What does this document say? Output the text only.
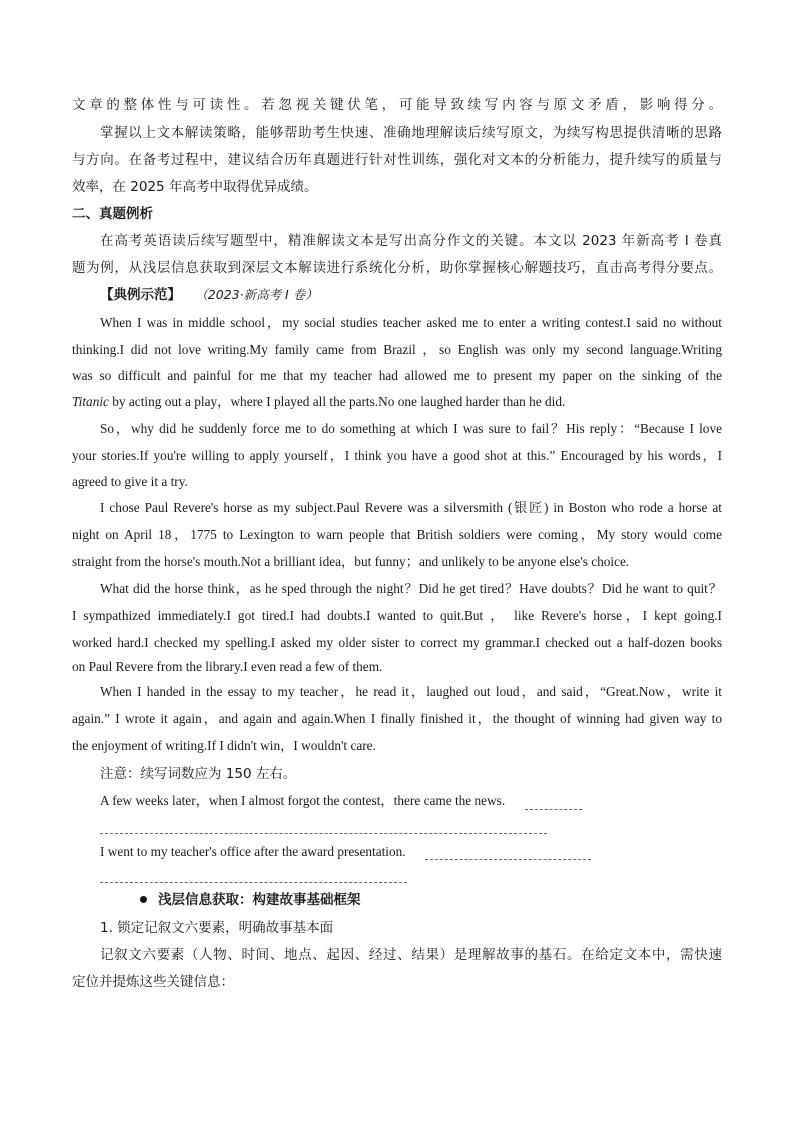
文章的整体性与可读性。若忽视关键伏笔，可能导致续写内容与原文矛盾，影响得分。
掌握以上文本解读策略，能够帮助考生快速、准确地理解读后续写原文，为续写构思提供清晰的思路
与方向。在备考过程中，建议结合历年真题进行针对性训练，强化对文本的分析能力，提升续写的质量与
效率，在 2025 年高考中取得优异成绩。
二、真题例析
在高考英语读后续写题型中，精准解读文本是写出高分作文的关键。本文以 2023 年新高考 I 卷真
题为例，从浅层信息获取到深层文本解读进行系统化分析，助你掌握核心解题技巧，直击高考得分要点。
【典例示范】 （2023·新高考 I 卷）
When I was in middle school，my social studies teacher asked me to enter a writing contest.I said no without
thinking.I did not love writing.My family came from Brazil ，so English was only my second language.Writing
was so difficult and painful for me that my teacher had allowed me to present my paper on the sinking of the
Titanic by acting out a play，where I played all the parts.No one laughed harder than he did.
So，why did he suddenly force me to do something at which I was sure to fail？His reply：“Because I love
your stories.If you're willing to apply yourself，I think you have a good shot at this.” Encouraged by his words，I
agreed to give it a try.
I chose Paul Revere's horse as my subject.Paul Revere was a silversmith (银匠) in Boston who rode a horse at
night on April 18，1775 to Lexington to warn people that British soldiers were coming，My story would come
straight from the horse's mouth.Not a brilliant idea，but funny；and unlikely to be anyone else's choice.
What did the horse think，as he sped through the night？Did he get tired？Have doubts？Did he want to quit？
I sympathized immediately.I got tired.I had doubts.I wanted to quit.But ， like Revere's horse，I kept going.I
worked hard.I checked my spelling.I asked my older sister to correct my grammar.I checked out a half-dozen books
on Paul Revere from the library.I even read a few of them.
When I handed in the essay to my teacher，he read it，laughed out loud，and said，“Great.Now，write it
again.” I wrote it again，and again and again.When I finally finished it，the thought of winning had given way to
the enjoyment of writing.If I didn't win，I wouldn't care.
注意：续写词数应为 150 左右。
A few weeks later，when I almost forgot the contest，there came the news.
I went to my teacher's office after the award presentation.
浅层信息获取：构建故事基础框架
1. 锁定记叙文六要素，明确故事基本面
记叙文六要素（人物、时间、地点、起因、经过、结果）是理解故事的基石。在给定文本中，需快速
定位并提炼这些关键信息：
